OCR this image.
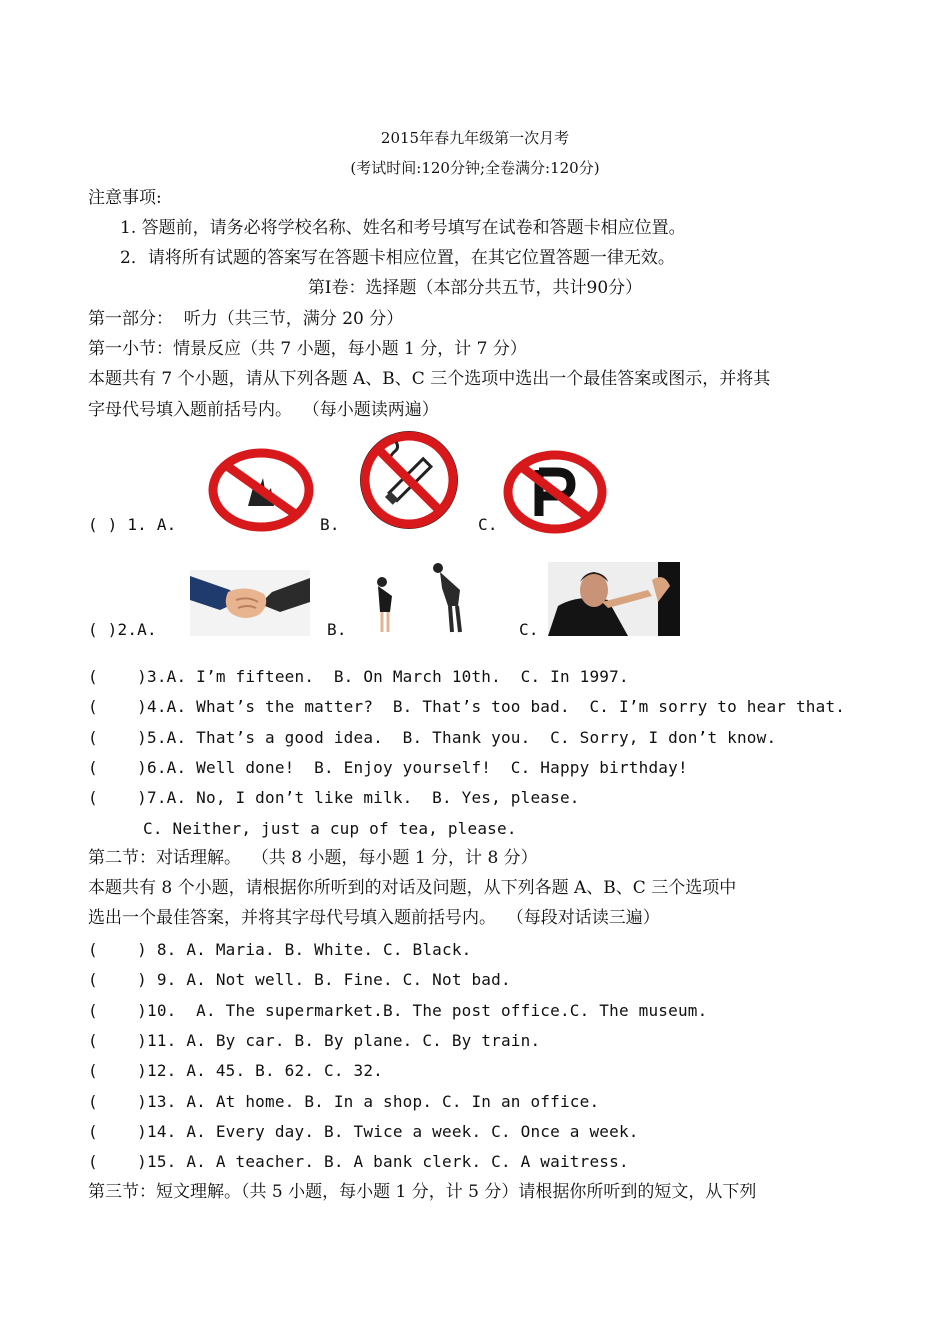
2015年春九年级第一次月考
(考试时间:120分钟;全卷满分:120分)
注意事项:
1. 答题前，请务必将学校名称、姓名和考号填写在试卷和答题卡相应位置。
2．请将所有试题的答案写在答题卡相应位置，在其它位置答题一律无效。
第Ⅰ卷：选择题（本部分共五节，共计90分）
第一部分：  听力（共三节，满分 20 分）
第一小节：情景反应（共 7 小题，每小题 1 分，计 7 分）
本题共有 7 个小题，请从下列各题 A、B、C 三个选项中选出一个最佳答案或图示，并将其
字母代号填入题前括号内。  （每小题读两遍）
( ) 1. A.	B.	C.
( )2.A.	B.	C.
(    )3.A. I’m fifteen.  B. On March 10th.  C. In 1997.
(    )4.A. What’s the matter?  B. That’s too bad.  C. I’m sorry to hear that.
(    )5.A. That’s a good idea.  B. Thank you.  C. Sorry, I don’t know.
(    )6.A. Well done!  B. Enjoy yourself!  C. Happy birthday!
(    )7.A. No, I don’t like milk.  B. Yes, please.
C. Neither, just a cup of tea, please.
第二节：对话理解。  （共 8 小题，每小题 1 分，计 8 分）
本题共有 8 个小题，请根据你所听到的对话及问题，从下列各题 A、B、C 三个选项中
选出一个最佳答案，并将其字母代号填入题前括号内。  （每段对话读三遍）
(    ) 8. A. Maria. B. White. C. Black.
(    ) 9. A. Not well. B. Fine. C. Not bad.
(    )10.  A. The supermarket.B. The post office.C. The museum.
(    )11. A. By car. B. By plane. C. By train.
(    )12. A. 45. B. 62. C. 32.
(    )13. A. At home. B. In a shop. C. In an office.
(    )14. A. Every day. B. Twice a week. C. Once a week.
(    )15. A. A teacher. B. A bank clerk. C. A waitress.
第三节：短文理解。（共 5 小题，每小题 1 分，计 5 分）请根据你所听到的短文，从下列
